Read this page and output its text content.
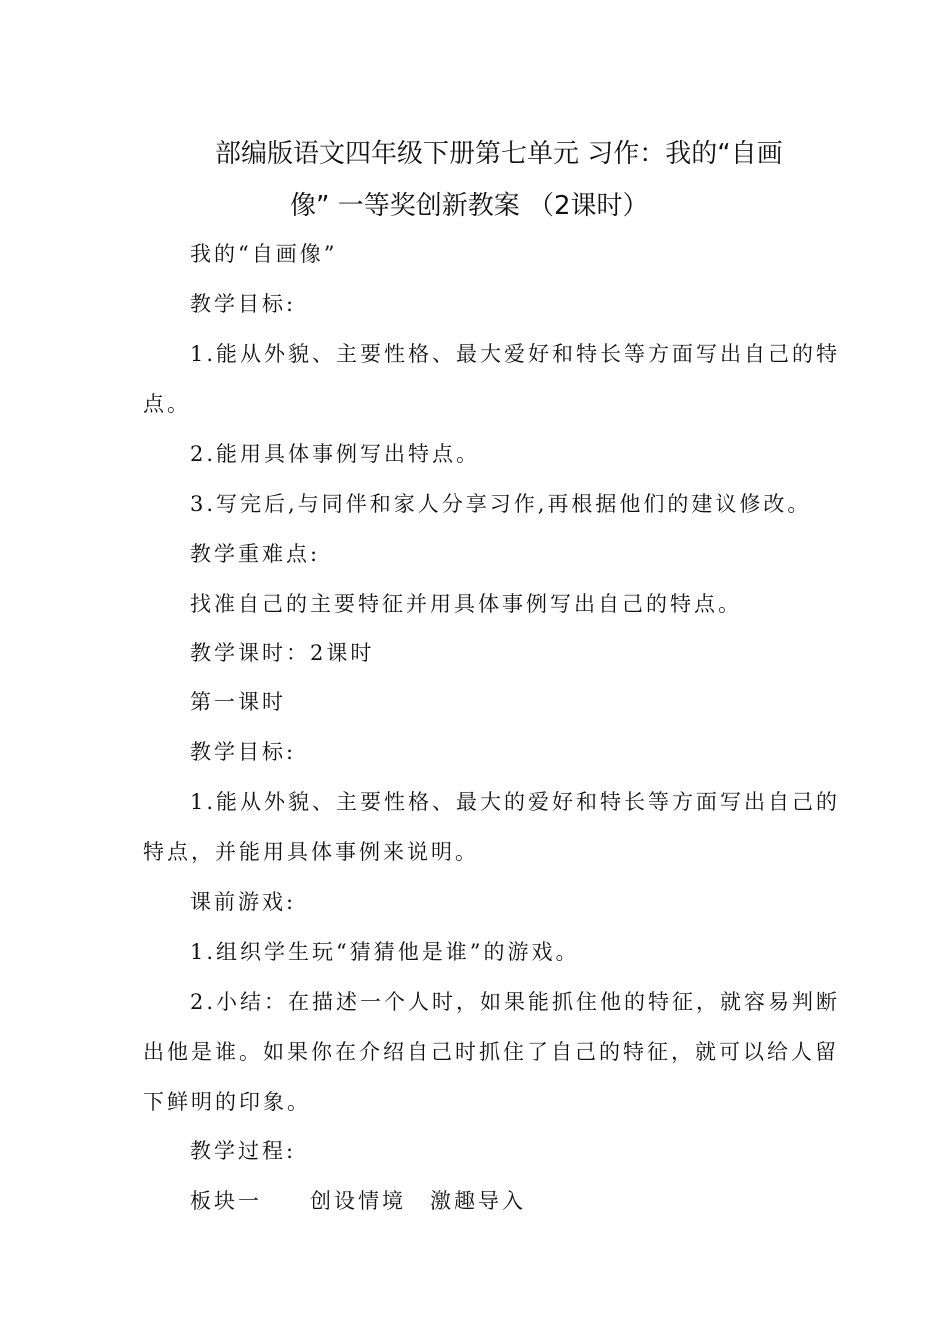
部编版语文四年级下册第七单元 习作：我的“自画
像” 一等奖创新教案 （2课时）
我的“自画像”
教学目标:
1.能从外貌、主要性格、最大爱好和特长等方面写出自己的特
点。
2.能用具体事例写出特点。
3.写完后,与同伴和家人分享习作,再根据他们的建议修改。
教学重难点:
找准自己的主要特征并用具体事例写出自己的特点。
教学课时：2课时
第一课时
教学目标:
1.能从外貌、主要性格、最大的爱好和特长等方面写出自己的
特点，并能用具体事例来说明。
课前游戏:
1.组织学生玩“猜猜他是谁”的游戏。
2.小结：在描述一个人时，如果能抓住他的特征，就容易判断
出他是谁。如果你在介绍自己时抓住了自己的特征，就可以给人留
下鲜明的印象。
教学过程:
板块一　　创设情境　激趣导入
